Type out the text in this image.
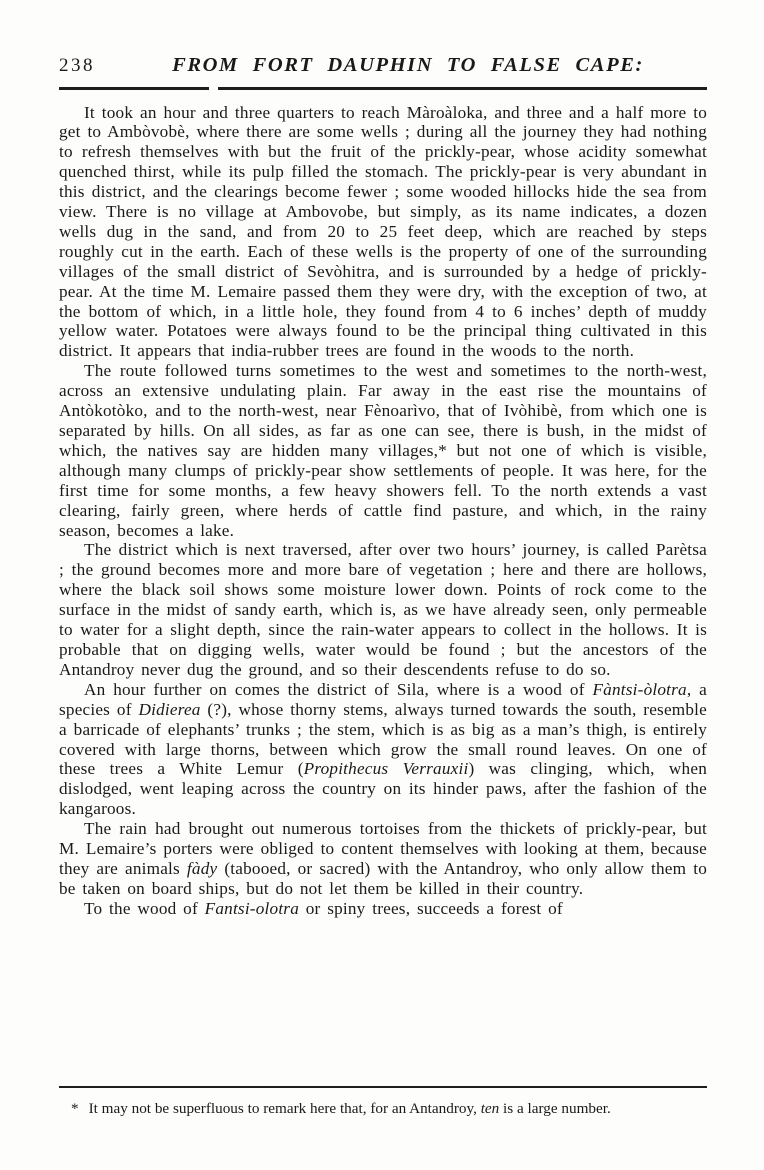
238	FROM FORT DAUPHIN TO FALSE CAPE:

It took an hour and three quarters to reach Màroàloka, and three and a half more to get to Ambòvobè, where there are some wells ; during all the journey they had nothing to refresh themselves with but the fruit of the prickly-pear, whose acidity somewhat quenched thirst, while its pulp filled the stomach. The prickly-pear is very abundant in this district, and the clearings become fewer ; some wooded hillocks hide the sea from view. There is no village at Ambovobe, but simply, as its name indicates, a dozen wells dug in the sand, and from 20 to 25 feet deep, which are reached by steps roughly cut in the earth. Each of these wells is the property of one of the surrounding villages of the small district of Sevòhitra, and is surrounded by a hedge of prickly-pear. At the time M. Lemaire passed them they were dry, with the exception of two, at the bottom of which, in a little hole, they found from 4 to 6 inches’ depth of muddy yellow water. Potatoes were always found to be the principal thing cultivated in this district. It appears that india-rubber trees are found in the woods to the north.

The route followed turns sometimes to the west and sometimes to the north-west, across an extensive undulating plain. Far away in the east rise the mountains of Antòkotòko, and to the north-west, near Fènoarìvo, that of Ivòhibè, from which one is separated by hills. On all sides, as far as one can see, there is bush, in the midst of which, the natives say are hidden many villages,* but not one of which is visible, although many clumps of prickly-pear show settlements of people. It was here, for the first time for some months, a few heavy showers fell. To the north extends a vast clearing, fairly green, where herds of cattle find pasture, and which, in the rainy season, becomes a lake.

The district which is next traversed, after over two hours’ journey, is called Parètsa ; the ground becomes more and more bare of vegetation ; here and there are hollows, where the black soil shows some moisture lower down. Points of rock come to the surface in the midst of sandy earth, which is, as we have already seen, only permeable to water for a slight depth, since the rain-water appears to collect in the hollows. It is probable that on digging wells, water would be found ; but the ancestors of the Antandroy never dug the ground, and so their descendents refuse to do so.

An hour further on comes the district of Sila, where is a wood of Fàntsi-òlotra, a species of Didierea (?), whose thorny stems, always turned towards the south, resemble a barricade of elephants’ trunks ; the stem, which is as big as a man’s thigh, is entirely covered with large thorns, between which grow the small round leaves. On one of these trees a White Lemur (Propithecus Verrauxii) was clinging, which, when dislodged, went leaping across the country on its hinder paws, after the fashion of the kangaroos.

The rain had brought out numerous tortoises from the thickets of prickly-pear, but M. Lemaire’s porters were obliged to content themselves with looking at them, because they are animals fàdy (tabooed, or sacred) with the Antandroy, who only allow them to be taken on board ships, but do not let them be killed in their country.

To the wood of Fantsi-olotra or spiny trees, succeeds a forest of

* It may not be superfluous to remark here that, for an Antandroy, ten is a large number.
